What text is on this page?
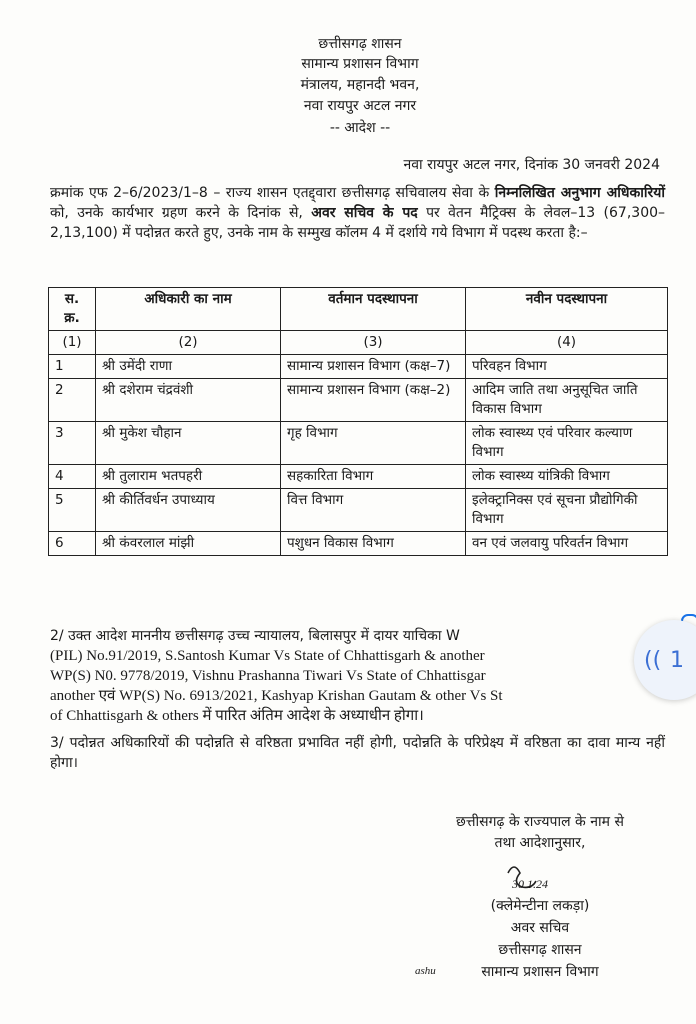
छत्तीसगढ़ शासन
सामान्य प्रशासन विभाग
मंत्रालय, महानदी भवन,
नवा रायपुर अटल नगर
-- आदेश --
नवा रायपुर अटल नगर, दिनांक 30 जनवरी 2024
क्रमांक एफ 2–6/2023/1–8 – राज्य शासन एतद्द्वारा छत्तीसगढ़ सचिवालय सेवा के निम्नलिखित अनुभाग अधिकारियों को, उनके कार्यभार ग्रहण करने के दिनांक से, अवर सचिव के पद पर वेतन मैट्रिक्स के लेवल–13 (67,300–2,13,100) में पदोन्नत करते हुए, उनके नाम के सम्मुख कॉलम 4 में दर्शाये गये विभाग में पदस्थ करता है:–
स. क्र.	अधिकारी का नाम	वर्तमान पदस्थापना	नवीन पदस्थापना
(1)	(2)	(3)	(4)
1	श्री उमेंदी राणा	सामान्य प्रशासन विभाग (कक्ष–7)	परिवहन विभाग
2	श्री दशेराम चंद्रवंशी	सामान्य प्रशासन विभाग (कक्ष–2)	आदिम जाति तथा अनुसूचित जाति विकास विभाग
3	श्री मुकेश चौहान	गृह विभाग	लोक स्वास्थ्य एवं परिवार कल्याण विभाग
4	श्री तुलाराम भतपहरी	सहकारिता विभाग	लोक स्वास्थ्य यांत्रिकी विभाग
5	श्री कीर्तिवर्धन उपाध्याय	वित्त विभाग	इलेक्ट्रानिक्स एवं सूचना प्रौद्योगिकी विभाग
6	श्री कंवरलाल मांझी	पशुधन विकास विभाग	वन एवं जलवायु परिवर्तन विभाग
2/ उक्त आदेश माननीय छत्तीसगढ़ उच्च न्यायालय, बिलासपुर में दायर याचिका W
(PIL) No.91/2019, S.Santosh Kumar Vs State of Chhattisgarh & another
WP(S) N0. 9778/2019, Vishnu Prashanna Tiwari Vs State of Chhattisgar
another एवं WP(S) No. 6913/2021, Kashyap Krishan Gautam & other Vs St
of Chhattisgarh & others में पारित अंतिम आदेश के अध्याधीन होगा।
3/ पदोन्नत अधिकारियों की पदोन्नति से वरिष्ठता प्रभावित नहीं होगी, पदोन्नति के परिप्रेक्ष्य में वरिष्ठता का दावा मान्य नहीं होगा।
छत्तीसगढ़ के राज्यपाल के नाम से
तथा आदेशानुसार,
30.1.24
(क्लेमेन्टीना लकड़ा)
अवर सचिव
छत्तीसगढ़ शासन
सामान्य प्रशासन विभाग
ashu
(( 1
